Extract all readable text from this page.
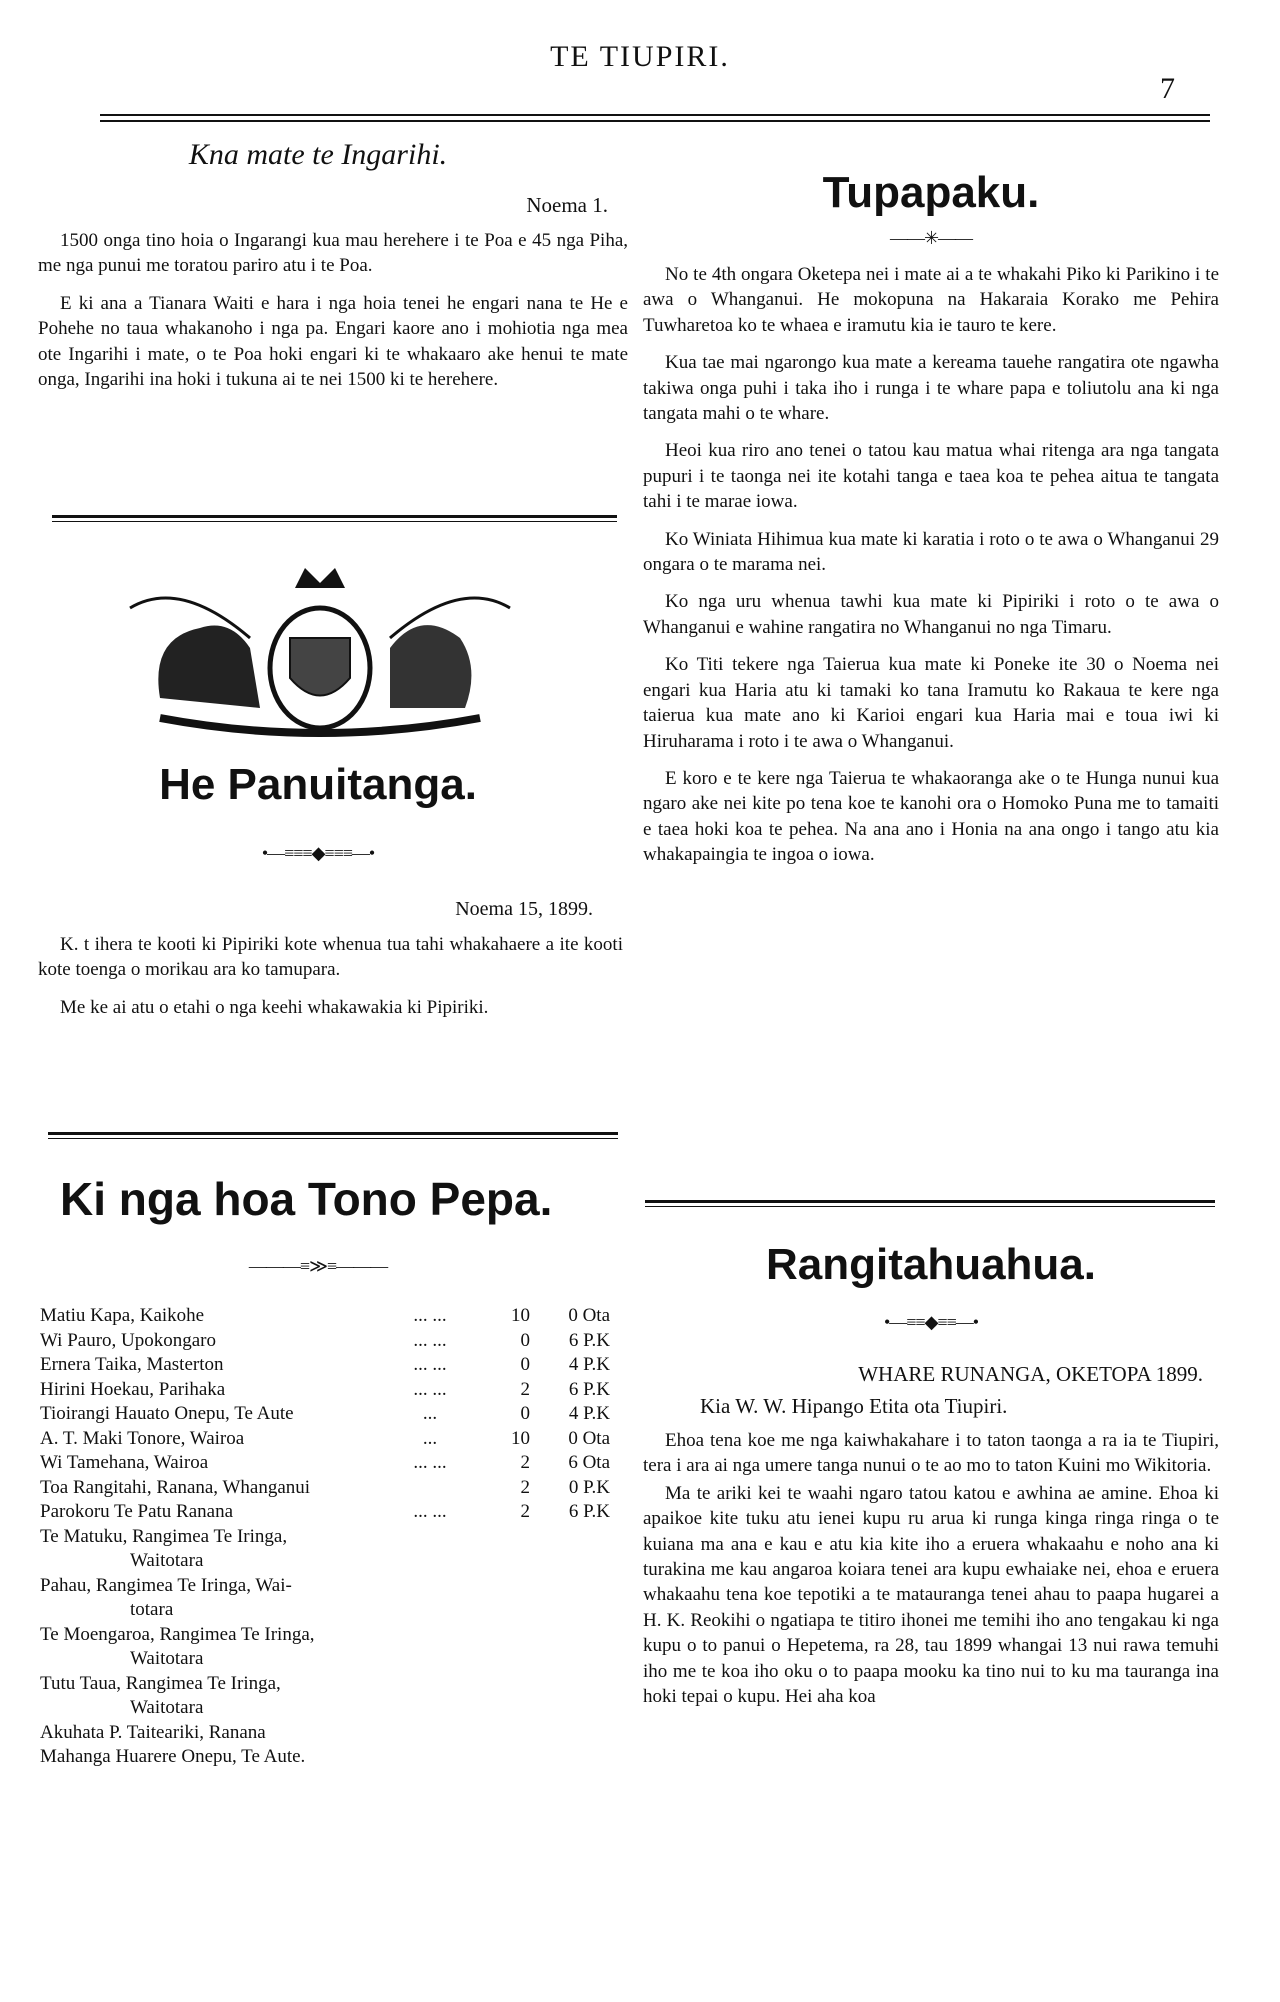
TE TIUPIRI.
7
Kna mate te Ingarihi.
Noema 1.

1500 onga tino hoia o Ingarangi kua mau herehere i te Poa e 45 nga Piha, me nga punui me toratou pariro atu i te Poa.

E ki ana a Tianara Waiti e hara i nga hoia tenei he engari nana te He e Pohehe no taua whakanoho i nga pa. Engari kaore ano i mohiotia nga mea ote Ingarihi i mate, o te Poa hoki engari ki te whakaaro ake henui te mate onga, Ingarihi ina hoki i tukuna ai te nei 1500 ki te herehere.

He Panuitanga.
•—≡≡≡◆≡≡≡—•
Noema 15, 1899.

K. t ihera te kooti ki Pipiriki kote whenua tua tahi whakahaere a ite kooti kote toenga o morikau ara ko tamupara.

Me ke ai atu o etahi o nga keehi whakawakia ki Pipiriki.

Ki nga hoa Tono Pepa.
———≡≫≡———
Matiu Kapa, Kaikohe	... ...	10	0 Ota
Wi Pauro, Upokongaro	... ...	0	6 P.K
Ernera Taika, Masterton	... ...	0	4 P.K
Hirini Hoekau, Parihaka	... ...	2	6 P.K
Tioirangi Hauato Onepu, Te Aute	...	0	4 P.K
A. T. Maki Tonore, Wairoa	...	10	0 Ota
Wi Tamehana, Wairoa	... ...	2	6 Ota
Toa Rangitahi, Ranana, Whanganui	2	0 P.K
Parokoru Te Patu Ranana	... ...	2	6 P.K
Te Matuku, Rangimea Te Iringa,
Waitotara
Pahau, Rangimea Te Iringa, Wai-
totara
Te Moengaroa, Rangimea Te Iringa,
Waitotara
Tutu Taua, Rangimea Te Iringa,
Waitotara
Akuhata P. Taiteariki, Ranana
Mahanga Huarere Onepu, Te Aute.
Tupapaku.
——✳——

No te 4th ongara Oketepa nei i mate ai a te whakahi Piko ki Parikino i te awa o Whanganui. He mokopuna na Hakaraia Korako me Pehira Tuwharetoa ko te whaea e iramutu kia ie tauro te kere.

Kua tae mai ngarongo kua mate a kereama tauehe rangatira ote ngawha takiwa onga puhi i taka iho i runga i te whare papa e toliutolu ana ki nga tangata mahi o te whare.

Heoi kua riro ano tenei o tatou kau matua whai ritenga ara nga tangata pupuri i te taonga nei ite kotahi tanga e taea koa te pehea aitua te tangata tahi i te marae iowa.

Ko Winiata Hihimua kua mate ki karatia i roto o te awa o Whanganui 29 ongara o te marama nei.

Ko nga uru whenua tawhi kua mate ki Pipiriki i roto o te awa o Whanganui e wahine rangatira no Whanganui no nga Timaru.

Ko Titi tekere nga Taierua kua mate ki Poneke ite 30 o Noema nei engari kua Haria atu ki tamaki ko tana Iramutu ko Rakaua te kere nga taierua kua mate ano ki Karioi engari kua Haria mai e toua iwi ki Hiruharama i roto i te awa o Whanganui.

E koro e te kere nga Taierua te whakaoranga ake o te Hunga nunui kua ngaro ake nei kite po tena koe te kanohi ora o Homoko Puna me to tamaiti e taea hoki koa te pehea. Na ana ano i Honia na ana ongo i tango atu kia whakapaingia te ingoa o iowa.

Rangitahuahua.
•—≡≡◆≡≡—•
WHARE RUNANGA, OKETOPA 1899.
Kia W. W. Hipango Etita ota Tiupiri.

Ehoa tena koe me nga kaiwhakahare i to taton taonga a ra ia te Tiupiri, tera i ara ai nga umere tanga nunui o te ao mo to taton Kuini mo Wikitoria.

Ma te ariki kei te waahi ngaro tatou katou e awhina ae amine. Ehoa ki apaikoe kite tuku atu ienei kupu ru arua ki runga kinga ringa ringa o te kuiana ma ana e kau e atu kia kite iho a eruera whakaahu e noho ana ki turakina me kau angaroa koiara tenei ara kupu ewhaiake nei, ehoa e eruera whakaahu tena koe tepotiki a te matauranga tenei ahau to paapa hugarei a H. K. Reokihi o ngatiapa te titiro ihonei me temihi iho ano tengakau ki nga kupu o to panui o Hepetema, ra 28, tau 1899 whangai 13 nui rawa temuhi iho me te koa iho oku o to paapa mooku ka tino nui to ku ma tauranga ina hoki tepai o kupu. Hei aha koa
